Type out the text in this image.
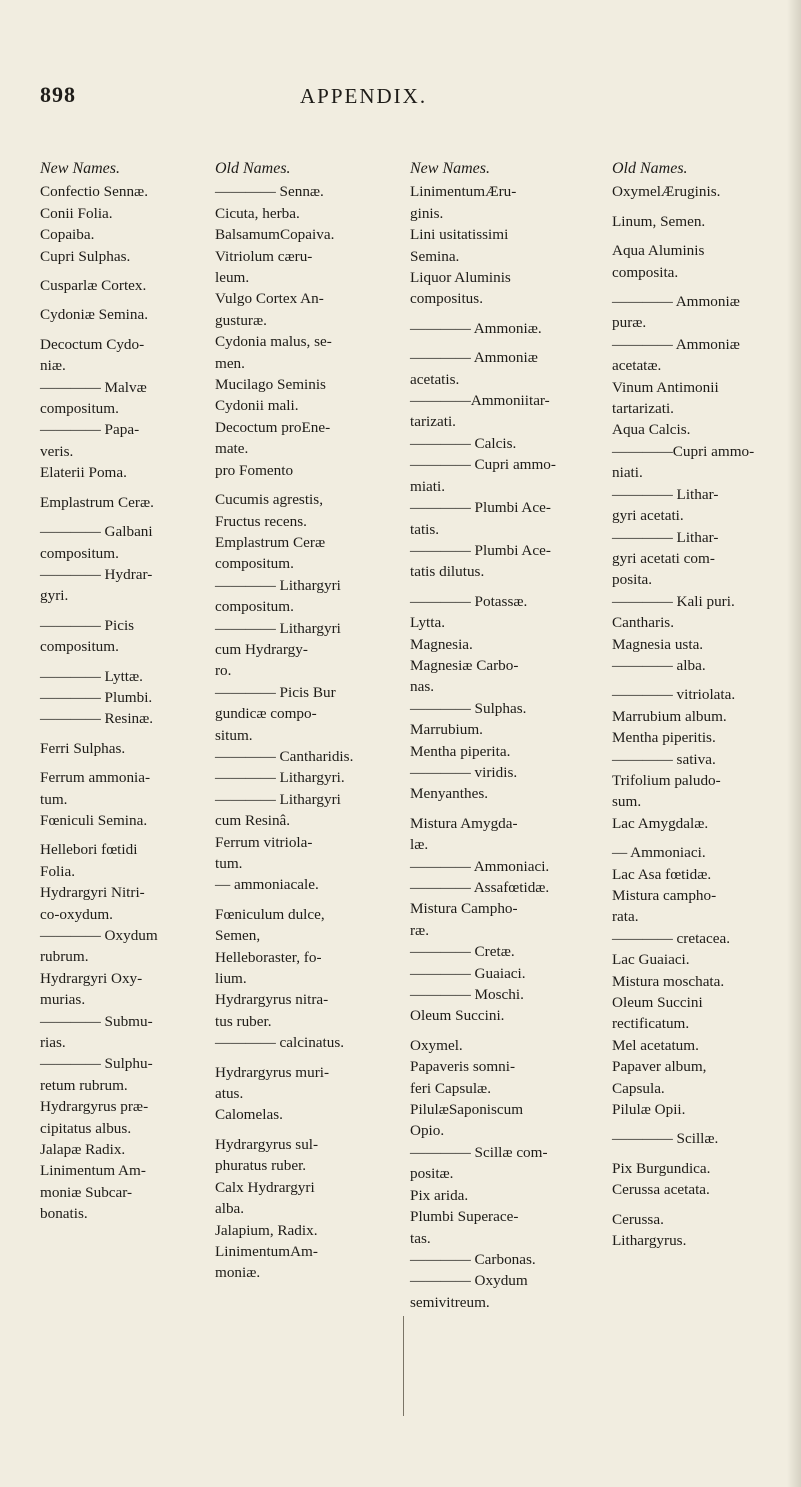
898	APPENDIX.
New Names.
Confectio Sennæ.
Conii Folia.
Copaiba.
Cupri Sulphas.

Cusparlæ Cortex.

Cydoniæ Semina.

Decoctum Cydo-
niæ.
———— Malvæ
compositum.
———— Papa-
veris.
Elaterii Poma.

Emplastrum Ceræ.

———— Galbani
compositum.
———— Hydrar-
gyri.

———— Picis
compositum.

———— Lyttæ.
———— Plumbi.
———— Resinæ.

Ferri Sulphas.

Ferrum ammonia-
tum.
Fœniculi Semina.

Hellebori fœtidi
Folia.
Hydrargyri Nitri-
co-oxydum.
———— Oxydum
rubrum.
Hydrargyri Oxy-
murias.
———— Submu-
rias.
———— Sulphu-
retum rubrum.
Hydrargyrus præ-
cipitatus albus.
Jalapæ Radix.
Linimentum Am-
moniæ Subcar-
bonatis.
Old Names.
———— Sennæ.
Cicuta, herba.
BalsamumCopaiva.
Vitriolum cæru-
leum.
Vulgo Cortex An-
gusturæ.
Cydonia malus, se-
men.
Mucilago Seminis
Cydonii mali.
Decoctum proEne-
mate.
pro Fomento

Cucumis agrestis,
Fructus recens.
Emplastrum Ceræ
compositum.
———— Lithargyri
compositum.
———— Lithargyri
cum Hydrargy-
ro.
———— Picis Bur
gundicæ compo-
situm.
———— Cantharidis.
———— Lithargyri.
———— Lithargyri
cum Resinâ.
Ferrum vitriola-
tum.
— ammoniacale.

Fœniculum dulce,
Semen,
Helleboraster, fo-
lium.
Hydrargyrus nitra-
tus ruber.
———— calcinatus.

Hydrargyrus muri-
atus.
Calomelas.

Hydrargyrus sul-
phuratus ruber.
Calx Hydrargyri
alba.
Jalapium, Radix.
LinimentumAm-
moniæ.
New Names.
LinimentumÆru-
ginis.
Lini usitatissimi
Semina.
Liquor Aluminis
compositus.

———— Ammoniæ.

———— Ammoniæ
acetatis.
————Ammoniitar-
tarizati.
———— Calcis.
———— Cupri ammo-
miati.
———— Plumbi Ace-
tatis.
———— Plumbi Ace-
tatis dilutus.

———— Potassæ.
Lytta.
Magnesia.
Magnesiæ Carbo-
nas.
———— Sulphas.
Marrubium.
Mentha piperita.
———— viridis.
Menyanthes.

Mistura Amygda-
læ.
———— Ammoniaci.
———— Assafœtidæ.
Mistura Campho-
ræ.
———— Cretæ.
———— Guaiaci.
———— Moschi.
Oleum Succini.

Oxymel.
Papaveris somni-
feri Capsulæ.
PilulæSaponiscum
Opio.
———— Scillæ com-
positæ.
Pix arida.
Plumbi Superace-
tas.
———— Carbonas.
———— Oxydum
semivitreum.
Old Names.
OxymelÆruginis.

Linum, Semen.

Aqua Aluminis
composita.

———— Ammoniæ
puræ.
———— Ammoniæ
acetatæ.
Vinum Antimonii
tartarizati.
Aqua Calcis.
————Cupri ammo-
niati.
———— Lithar-
gyri acetati.
———— Lithar-
gyri acetati com-
posita.
———— Kali puri.
Cantharis.
Magnesia usta.
———— alba.

———— vitriolata.
Marrubium album.
Mentha piperitis.
———— sativa.
Trifolium paludo-
sum.
Lac Amygdalæ.

— Ammoniaci.
Lac Asa fœtidæ.
Mistura campho-
rata.
———— cretacea.
Lac Guaiaci.
Mistura moschata.
Oleum Succini
rectificatum.
Mel acetatum.
Papaver album,
Capsula.
Pilulæ Opii.

———— Scillæ.

Pix Burgundica.
Cerussa acetata.

Cerussa.
Lithargyrus.
